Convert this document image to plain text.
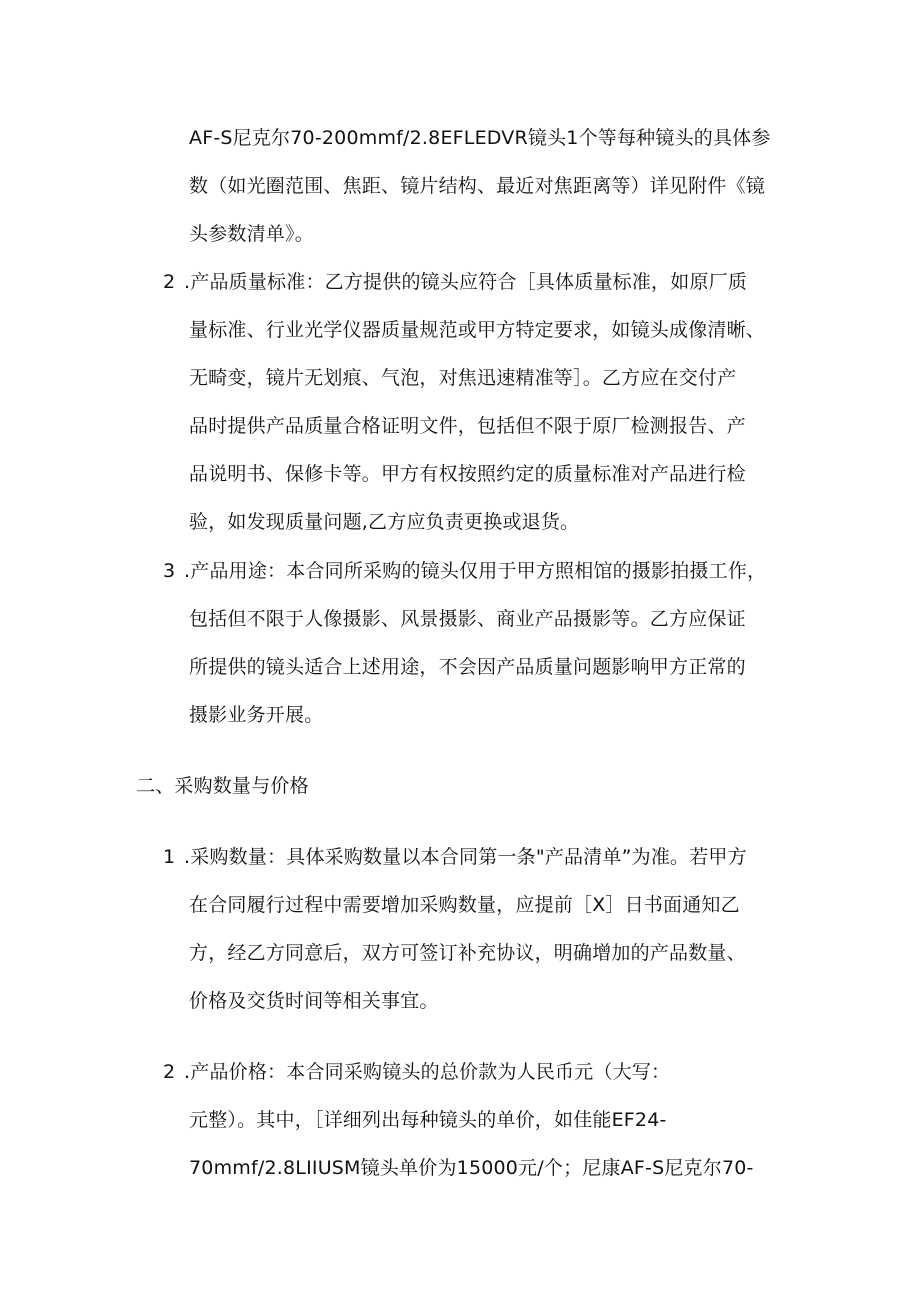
AF-S尼克尔70-200mmf/2.8EFLEDVR镜头1个等每种镜头的具体参
数（如光圈范围、焦距、镜片结构、最近对焦距离等）详见附件《镜
头参数清单》。
2 .产品质量标准：乙方提供的镜头应符合［具体质量标准，如原厂质
量标准、行业光学仪器质量规范或甲方特定要求，如镜头成像清晰、
无畸变，镜片无划痕、气泡，对焦迅速精准等］。乙方应在交付产
品时提供产品质量合格证明文件，包括但不限于原厂检测报告、产
品说明书、保修卡等。甲方有权按照约定的质量标准对产品进行检
验，如发现质量问题,乙方应负责更换或退货。
3 .产品用途：本合同所采购的镜头仅用于甲方照相馆的摄影拍摄工作，
包括但不限于人像摄影、风景摄影、商业产品摄影等。乙方应保证
所提供的镜头适合上述用途，不会因产品质量问题影响甲方正常的
摄影业务开展。
二、采购数量与价格
1 .采购数量：具体采购数量以本合同第一条"产品清单”为准。若甲方
在合同履行过程中需要增加采购数量，应提前［X］日书面通知乙
方，经乙方同意后，双方可签订补充协议，明确增加的产品数量、
价格及交货时间等相关事宜。
2 .产品价格：本合同采购镜头的总价款为人民币元（大写：
元整）。其中，［详细列出每种镜头的单价，如佳能EF24-
70mmf/2.8LIIUSM镜头单价为15000元/个；尼康AF-S尼克尔70-
